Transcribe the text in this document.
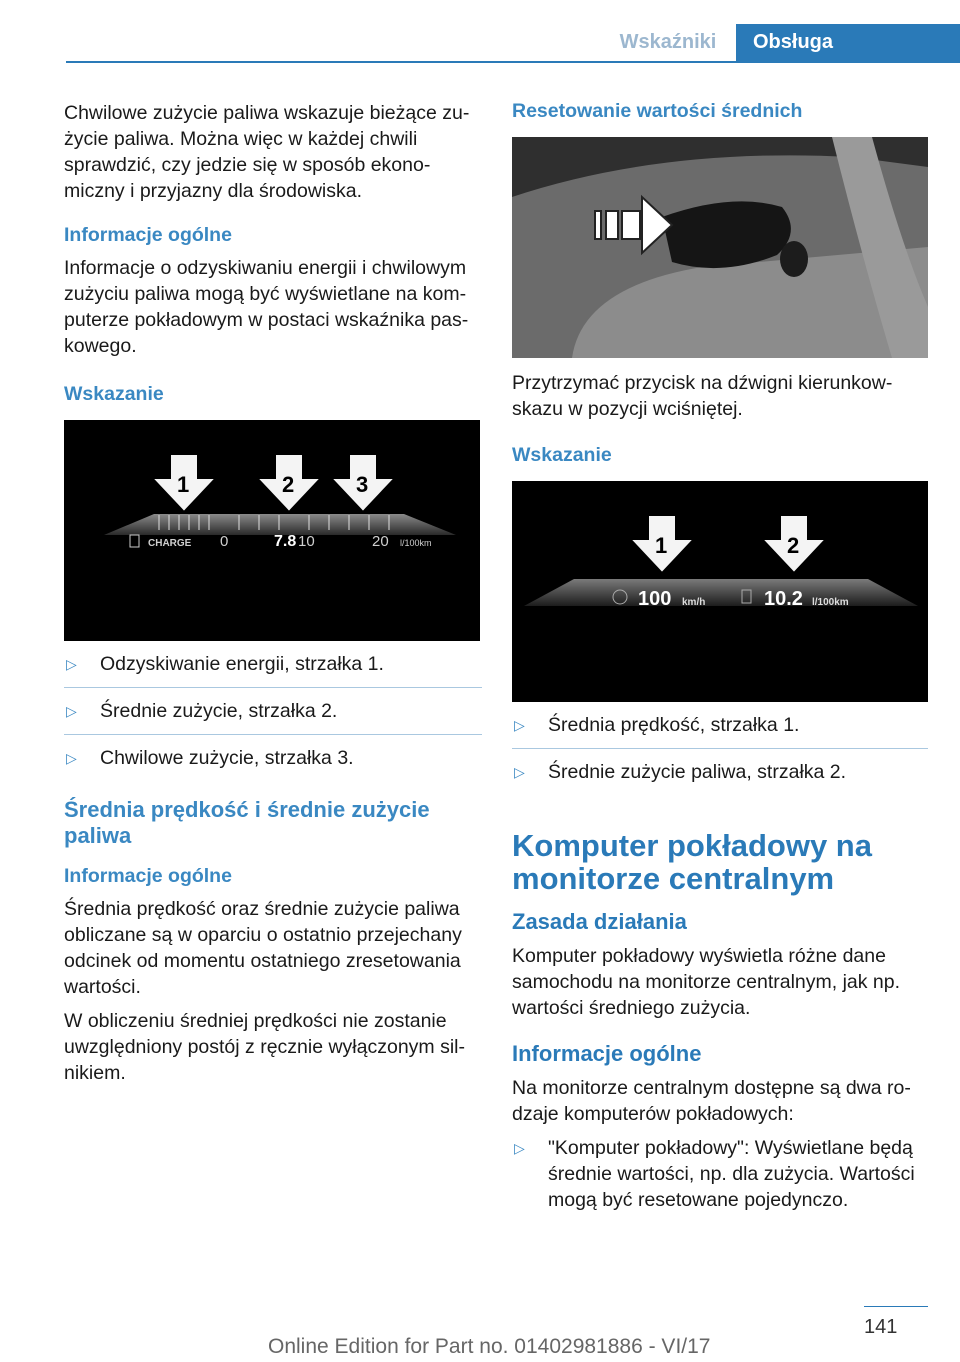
Wskaźniki	Obsługa

Chwilowe zużycie paliwa wskazuje bieżące zużycie paliwa. Można więc w każdej chwili sprawdzić, czy jedzie się w sposób ekonomiczny i przyjazny dla środowiska.

Informacje ogólne

Informacje o odzyskiwaniu energii i chwilowym zużyciu paliwa mogą być wyświetlane na komputerze pokładowym w postaci wskaźnika paskowego.

Wskazanie
1	2	3
CHARGE 0	7.8 10	20 l/100km
▷	Odzyskiwanie energii, strzałka 1.
▷	Średnie zużycie, strzałka 2.
▷	Chwilowe zużycie, strzałka 3.
Średnia prędkość i średnie zużycie paliwa
Informacje ogólne

Średnia prędkość oraz średnie zużycie paliwa obliczane są w oparciu o ostatnio przejechany odcinek od momentu ostatniego zresetowania wartości.

W obliczeniu średniej prędkości nie zostanie uwzględniony postój z ręcznie wyłączonym silnikiem.

Resetowanie wartości średnich

Przytrzymać przycisk na dźwigni kierunkowskazu w pozycji wciśniętej.

Wskazanie
1	2
100 km/h	10.2 l/100km
▷	Średnia prędkość, strzałka 1.
▷	Średnie zużycie paliwa, strzałka 2.
Komputer pokładowy na monitorze centralnym
Zasada działania

Komputer pokładowy wyświetla różne dane samochodu na monitorze centralnym, jak np. wartości średniego zużycia.

Informacje ogólne

Na monitorze centralnym dostępne są dwa rodzaje komputerów pokładowych:

▷	"Komputer pokładowy": Wyświetlane będą średnie wartości, np. dla zużycia. Wartości mogą być resetowane pojedynczo.
141
Online Edition for Part no. 01402981886 - VI/17
